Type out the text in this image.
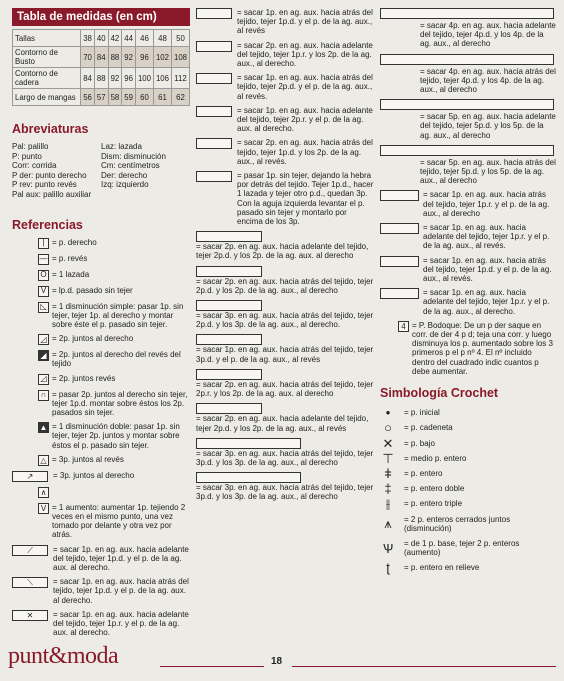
Tabla de medidas (en cm)
Tallas	38	40	42	44	46	48	50
Contorno de Busto	70	84	88	92	96	102	108
Contorno de cadera	84	88	92	96	100	106	112
Largo de mangas	56	57	58	59	60	61	62
Abreviaturas
Pal: palillo
P: punto
Corr: corrida
P der: punto derecho
P rev: punto revés
Pal aux: palillo auxiliar
Laz: lazada
Dism: disminución
Cm: centímetros
Der: derecho
Izq: izquierdo

Referencias
| = p. derecho
— = p. revés
O = 1 lazada
V = lp.d. pasado sin tejer
◺ = 1 disminución simple: pasar 1p. sin tejer, tejer 1p. al derecho y montar sobre éste el p. pasado sin tejer.
◿ = 2p. juntos al derecho
◢ = 2p. juntos al derecho del revés del tejido
◿ = 2p. juntos revés
∩ = pasar 2p. juntos al derecho sin tejer, tejer 1p.d. montar sobre éstos los 2p. pasados sin tejer.
▲ = 1 disminución doble: pasar 1p. sin tejer, tejer 2p. juntos y montar sobre éstos el p. pasado sin tejer.
△ = 3p. juntos al revés
↗	= 3p. juntos al derecho
∧
V = 1 aumento: aumentar 1p. tejiendo 2 veces en el mismo punto, una vez tomado por delante y otra vez por atrás.
⟋	= sacar 1p. en ag. aux. hacia adelante del tejido, tejer 1p.d. y el p. de la ag. aux. al derecho.
⟍	= sacar 1p. en ag. aux. hacia atrás del tejido, tejer 1p.d. y el p. de la ag. aux. al derecho.
✕	= sacar 1p. en ag. aux. hacia adelante del tejido, tejer 1p.r. y el p. de la ag. aux. al derecho.
= sacar 1p. en ag. aux. hacia atrás del tejido, tejer 1p.d. y el p. de la ag. aux., al revés
= sacar 2p. en ag. aux. hacia adelante del tejido, tejer 1p.r. y los 2p. de la ag. aux., al derecho.
= sacar 1p. en ag. aux. hacia atrás del tejido, tejer 2p.d. y el p. de la ag. aux., al revés.
= sacar 1p. en ag. aux. hacia adelante del tejido, tejer 2p.r. y el p. de la ag. aux. al derecho.
= sacar 2p. en ag. aux. hacia atrás del tejido, tejer 1p.d. y los 2p. de la ag. aux., al revés.
= pasar 1p. sin tejer, dejando la hebra por detrás del tejido. Tejer 1p.d., hacer 1 lazada y tejer otro p.d., quedan 3p. Con la aguja izquierda levantar el p. pasado sin tejer y montarlo por encima de los 3p.
= sacar 2p. en ag. aux. hacia adelante del tejido, tejer 2p.d. y los 2p. de la ag. aux. al derecho
= sacar 2p. en ag. aux. hacia atrás del tejido, tejer 2p.d. y los 2p. de la ag. aux., al derecho
= sacar 3p. en ag. aux. hacia atrás del tejido, tejer 2p.d. y los 3p. de la ag. aux., al derecho.
= sacar 1p. en ag. aux. hacia atrás del tejido, tejer 3p.d. y el p. de la ag. aux., al revés
= sacar 2p. en ag. aux. hacia atrás del tejido, tejer 2p.r. y los 2p. de la ag. aux. al derecho
= sacar 2p. en ag. aux. hacia adelante del tejido, tejer 2p.d. y los 2p. de la ag. aux., al revés
= sacar 3p. en ag. aux. hacia atrás del tejido, tejer 3p.d. y los 3p. de la ag. aux., al derecho
= sacar 3p. en ag. aux. hacia atrás del tejido, tejer 3p.d. y los 3p. de la ag. aux., al derecho
= sacar 4p. en ag. aux. hacia adelante del tejido, tejer 4p.d. y los 4p. de la ag. aux., al derecho
= sacar 4p. en ag. aux. hacia atrás del tejido, tejer 4p.d. y los 4p. de la ag. aux., al derecho
= sacar 5p. en ag. aux. hacia adelante del tejido, tejer 5p.d. y los 5p. de la ag. aux., al derecho
= sacar 5p. en ag. aux. hacia atrás del tejido, tejer 5p.d. y los 5p. de la ag. aux., al derecho
= sacar 1p. en ag. aux. hacia atrás del tejido, tejer 1p.r. y el p. de la ag. aux., al derecho
= sacar 1p. en ag. aux. hacia adelante del tejido, tejer 1p.r. y el p. de la ag. aux., al revés.
= sacar 1p. en ag. aux. hacia atrás del tejido, tejer 1p.d. y el p. de la ag. aux., al revés.
= sacar 1p. en ag. aux. hacia adelante del tejido, tejer 1p.r. y el p. de la ag. aux., al derecho.
4 = P. Bodoque: De un p der saque en corr. de der 4 p d; teja una corr. y luego disminuya los p. aumentado sobre los 3 primeros p el p nº 4. El nº incluido dentro del cuadrado indic cuantos p debe aumentar.
Simbología Crochet
•	= p. inicial
○	= p. cadeneta
✕	= p. bajo
⊤ = medio p. entero
ǂ	= p. entero
‡	= p. entero doble
⫲	= p. entero triple
⩚	= 2 p. enteros cerrados juntos (disminución)
Ѱ	= de 1 p. base, tejer 2 p. enteros (aumento)
ʈ	= p. entero en relieve
punt&moda	18
